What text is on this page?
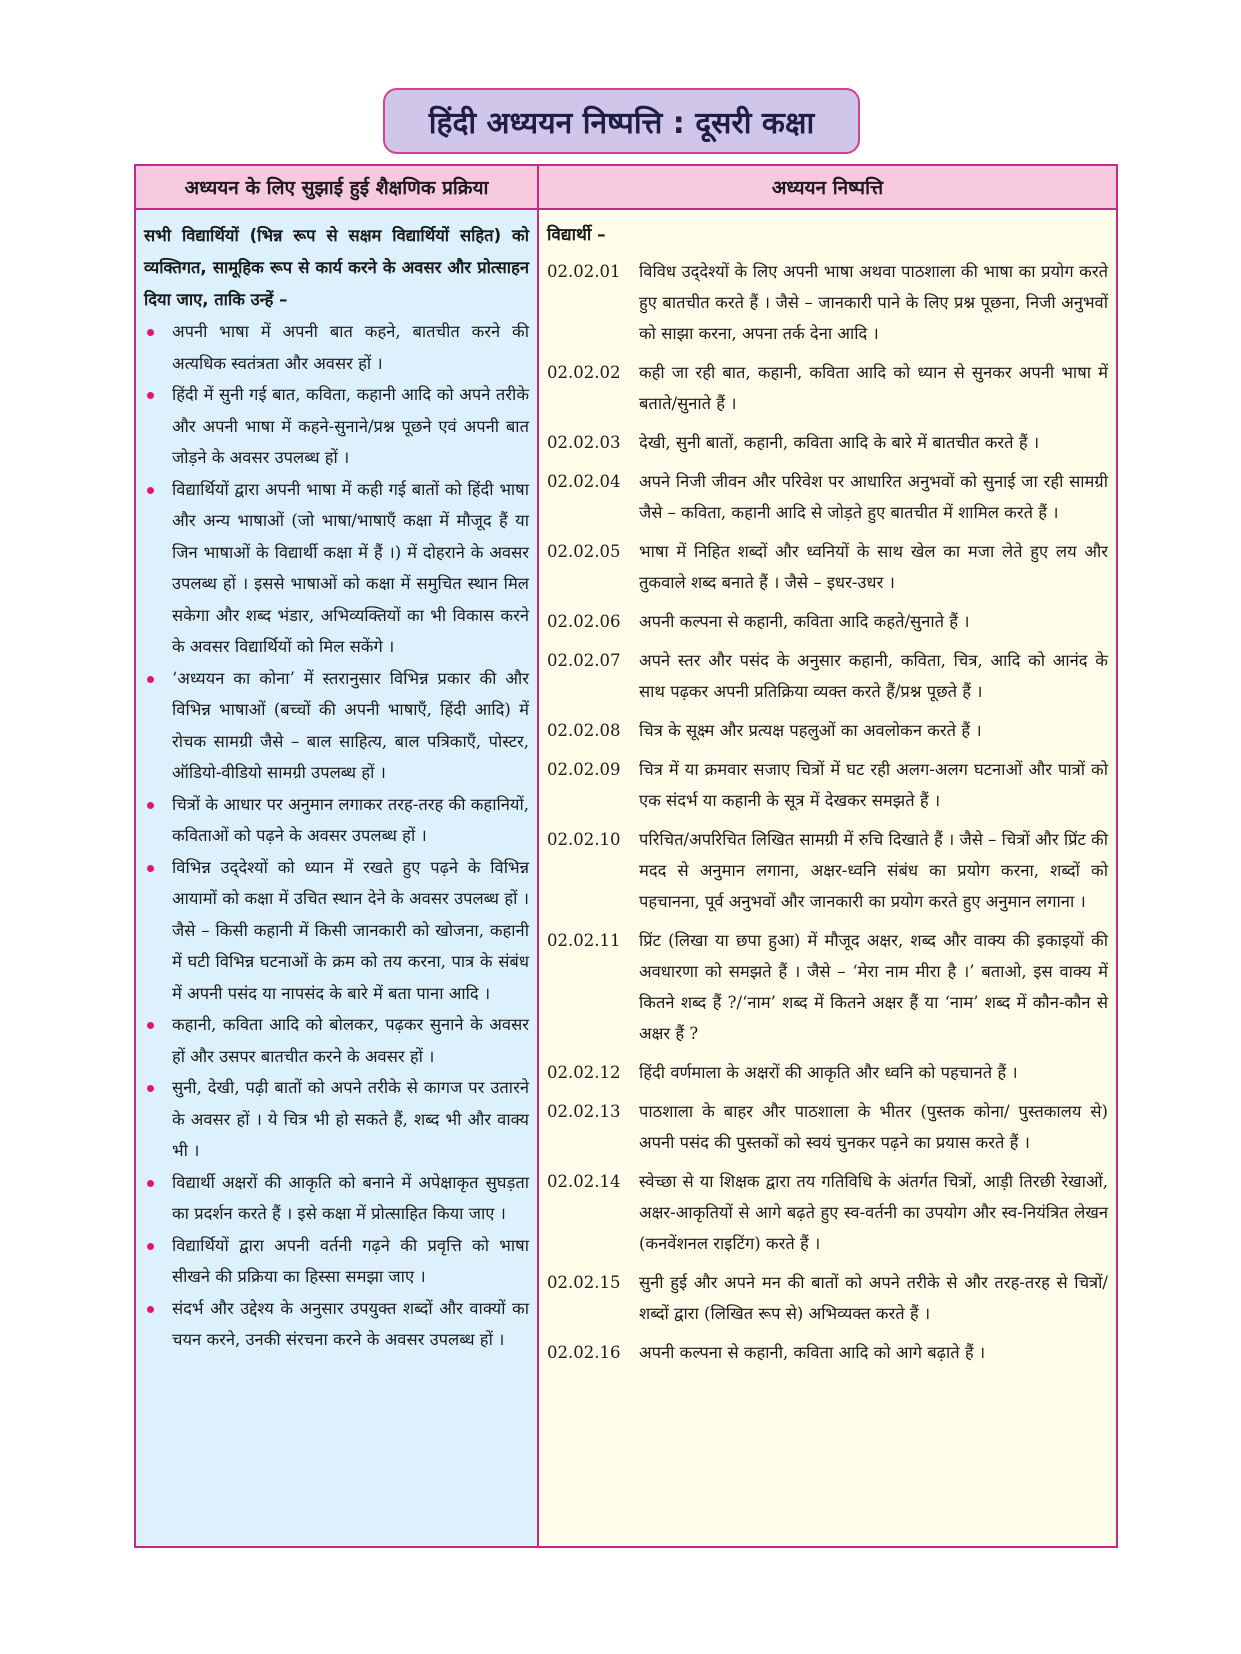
हिंदी अध्ययन निष्पत्ति : दूसरी कक्षा
अध्ययन के लिए सुझाई हुई शैक्षणिक प्रक्रिया	अध्ययन निष्पत्ति

सभी विद्यार्थियों (भिन्न रूप से सक्षम विद्यार्थियों सहित) को व्यक्तिगत, सामूहिक रूप से कार्य करने के अवसर और प्रोत्साहन दिया जाए, ताकि उन्हें –

अपनी भाषा में अपनी बात कहने, बातचीत करने की अत्यधिक स्वतंत्रता और अवसर हों ।
हिंदी में सुनी गई बात, कविता, कहानी आदि को अपने तरीके और अपनी भाषा में कहने-सुनाने/प्रश्न पूछने एवं अपनी बात जोड़ने के अवसर उपलब्ध हों ।
विद्यार्थियों द्वारा अपनी भाषा में कही गई बातों को हिंदी भाषा और अन्य भाषाओं (जो भाषा/भाषाएँ कक्षा में मौजूद हैं या जिन भाषाओं के विद्यार्थी कक्षा में हैं ।) में दोहराने के अवसर उपलब्ध हों । इससे भाषाओं को कक्षा में समुचित स्थान मिल सकेगा और शब्द भंडार, अभिव्यक्तियों का भी विकास करने के अवसर विद्यार्थियों को मिल सकेंगे ।
‘अध्ययन का कोना’ में स्तरानुसार विभिन्न प्रकार की और विभिन्न भाषाओं (बच्चों की अपनी भाषाएँ, हिंदी आदि) में रोचक सामग्री जैसे – बाल साहित्य, बाल पत्रिकाएँ, पोस्टर, ऑडियो-वीडियो सामग्री उपलब्ध हों ।
चित्रों के आधार पर अनुमान लगाकर तरह-तरह की कहानियों, कविताओं को पढ़ने के अवसर उपलब्ध हों ।
विभिन्न उद्‌देश्यों को ध्यान में रखते हुए पढ़ने के विभिन्न आयामों को कक्षा में उचित स्थान देने के अवसर उपलब्ध हों । जैसे – किसी कहानी में किसी जानकारी को खोजना, कहानी में घटी विभिन्न घटनाओं के क्रम को तय करना, पात्र के संबंध में अपनी पसंद या नापसंद के बारे में बता पाना आदि ।
कहानी, कविता आदि को बोलकर, पढ़कर सुनाने के अवसर हों और उसपर बातचीत करने के अवसर हों ।
सुनी, देखी, पढ़ी बातों को अपने तरीके से कागज पर उतारने के अवसर हों । ये चित्र भी हो सकते हैं, शब्द भी और वाक्य भी ।
विद्यार्थी अक्षरों की आकृति को बनाने में अपेक्षाकृत सुघड़ता का प्रदर्शन करते हैं । इसे कक्षा में प्रोत्साहित किया जाए ।
विद्यार्थियों द्वारा अपनी वर्तनी गढ़ने की प्रवृत्ति को भाषा सीखने की प्रक्रिया का हिस्सा समझा जाए ।
संदर्भ और उद्देश्य के अनुसार उपयुक्त शब्दों और वाक्यों का चयन करने, उनकी संरचना करने के अवसर उपलब्ध हों ।
विद्यार्थी –
02.02.01	विविध उद्‌देश्यों के लिए अपनी भाषा अथवा पाठशाला की भाषा का प्रयोग करते हुए बातचीत करते हैं । जैसे – जानकारी पाने के लिए प्रश्न पूछना, निजी अनुभवों को साझा करना, अपना तर्क देना आदि ।
02.02.02	कही जा रही बात, कहानी, कविता आदि को ध्यान से सुनकर अपनी भाषा में बताते/सुनाते हैं ।
02.02.03	देखी, सुनी बातों, कहानी, कविता आदि के बारे में बातचीत करते हैं ।
02.02.04	अपने निजी जीवन और परिवेश पर आधारित अनुभवों को सुनाई जा रही सामग्री जैसे – कविता, कहानी आदि से जोड़ते हुए बातचीत में शामिल करते हैं ।
02.02.05	भाषा में निहित शब्दों और ध्वनियों के साथ खेल का मजा लेते हुए लय और तुकवाले शब्द बनाते हैं । जैसे – इधर-उधर ।
02.02.06	अपनी कल्पना से कहानी, कविता आदि कहते/सुनाते हैं ।
02.02.07	अपने स्तर और पसंद के अनुसार कहानी, कविता, चित्र, आदि को आनंद के साथ पढ़कर अपनी प्रतिक्रिया व्यक्त करते हैं/प्रश्न पूछते हैं ।
02.02.08	चित्र के सूक्ष्म और प्रत्यक्ष पहलुओं का अवलोकन करते हैं ।
02.02.09	चित्र में या क्रमवार सजाए चित्रों में घट रही अलग-अलग घटनाओं और पात्रों को एक संदर्भ या कहानी के सूत्र में देखकर समझते हैं ।
02.02.10	परिचित/अपरिचित लिखित सामग्री में रुचि दिखाते हैं । जैसे – चित्रों और प्रिंट की मदद से अनुमान लगाना, अक्षर-ध्वनि संबंध का प्रयोग करना, शब्दों को पहचानना, पूर्व अनुभवों और जानकारी का प्रयोग करते हुए अनुमान लगाना ।
02.02.11	प्रिंट (लिखा या छपा हुआ) में मौजूद अक्षर, शब्द और वाक्य की इकाइयों की अवधारणा को समझते हैं । जैसे – ‘मेरा नाम मीरा है ।’ बताओ, इस वाक्य में कितने शब्द हैं ?/‘नाम’ शब्द में कितने अक्षर हैं या ‘नाम’ शब्द में कौन-कौन से अक्षर हैं ?
02.02.12	हिंदी वर्णमाला के अक्षरों की आकृति और ध्वनि को पहचानते हैं ।
02.02.13	पाठशाला के बाहर और पाठशाला के भीतर (पुस्तक कोना/ पुस्तकालय से) अपनी पसंद की पुस्तकों को स्वयं चुनकर पढ़ने का प्रयास करते हैं ।
02.02.14	स्वेच्छा से या शिक्षक द्वारा तय गतिविधि के अंतर्गत चित्रों, आड़ी तिरछी रेखाओं, अक्षर-आकृतियों से आगे बढ़ते हुए स्व-वर्तनी का उपयोग और स्व-नियंत्रित लेखन (कनवेंशनल राइटिंग) करते हैं ।
02.02.15	सुनी हुई और अपने मन की बातों को अपने तरीके से और तरह-तरह से चित्रों/शब्दों द्वारा (लिखित रूप से) अभिव्यक्त करते हैं ।
02.02.16	अपनी कल्पना से कहानी, कविता आदि को आगे बढ़ाते हैं ।
